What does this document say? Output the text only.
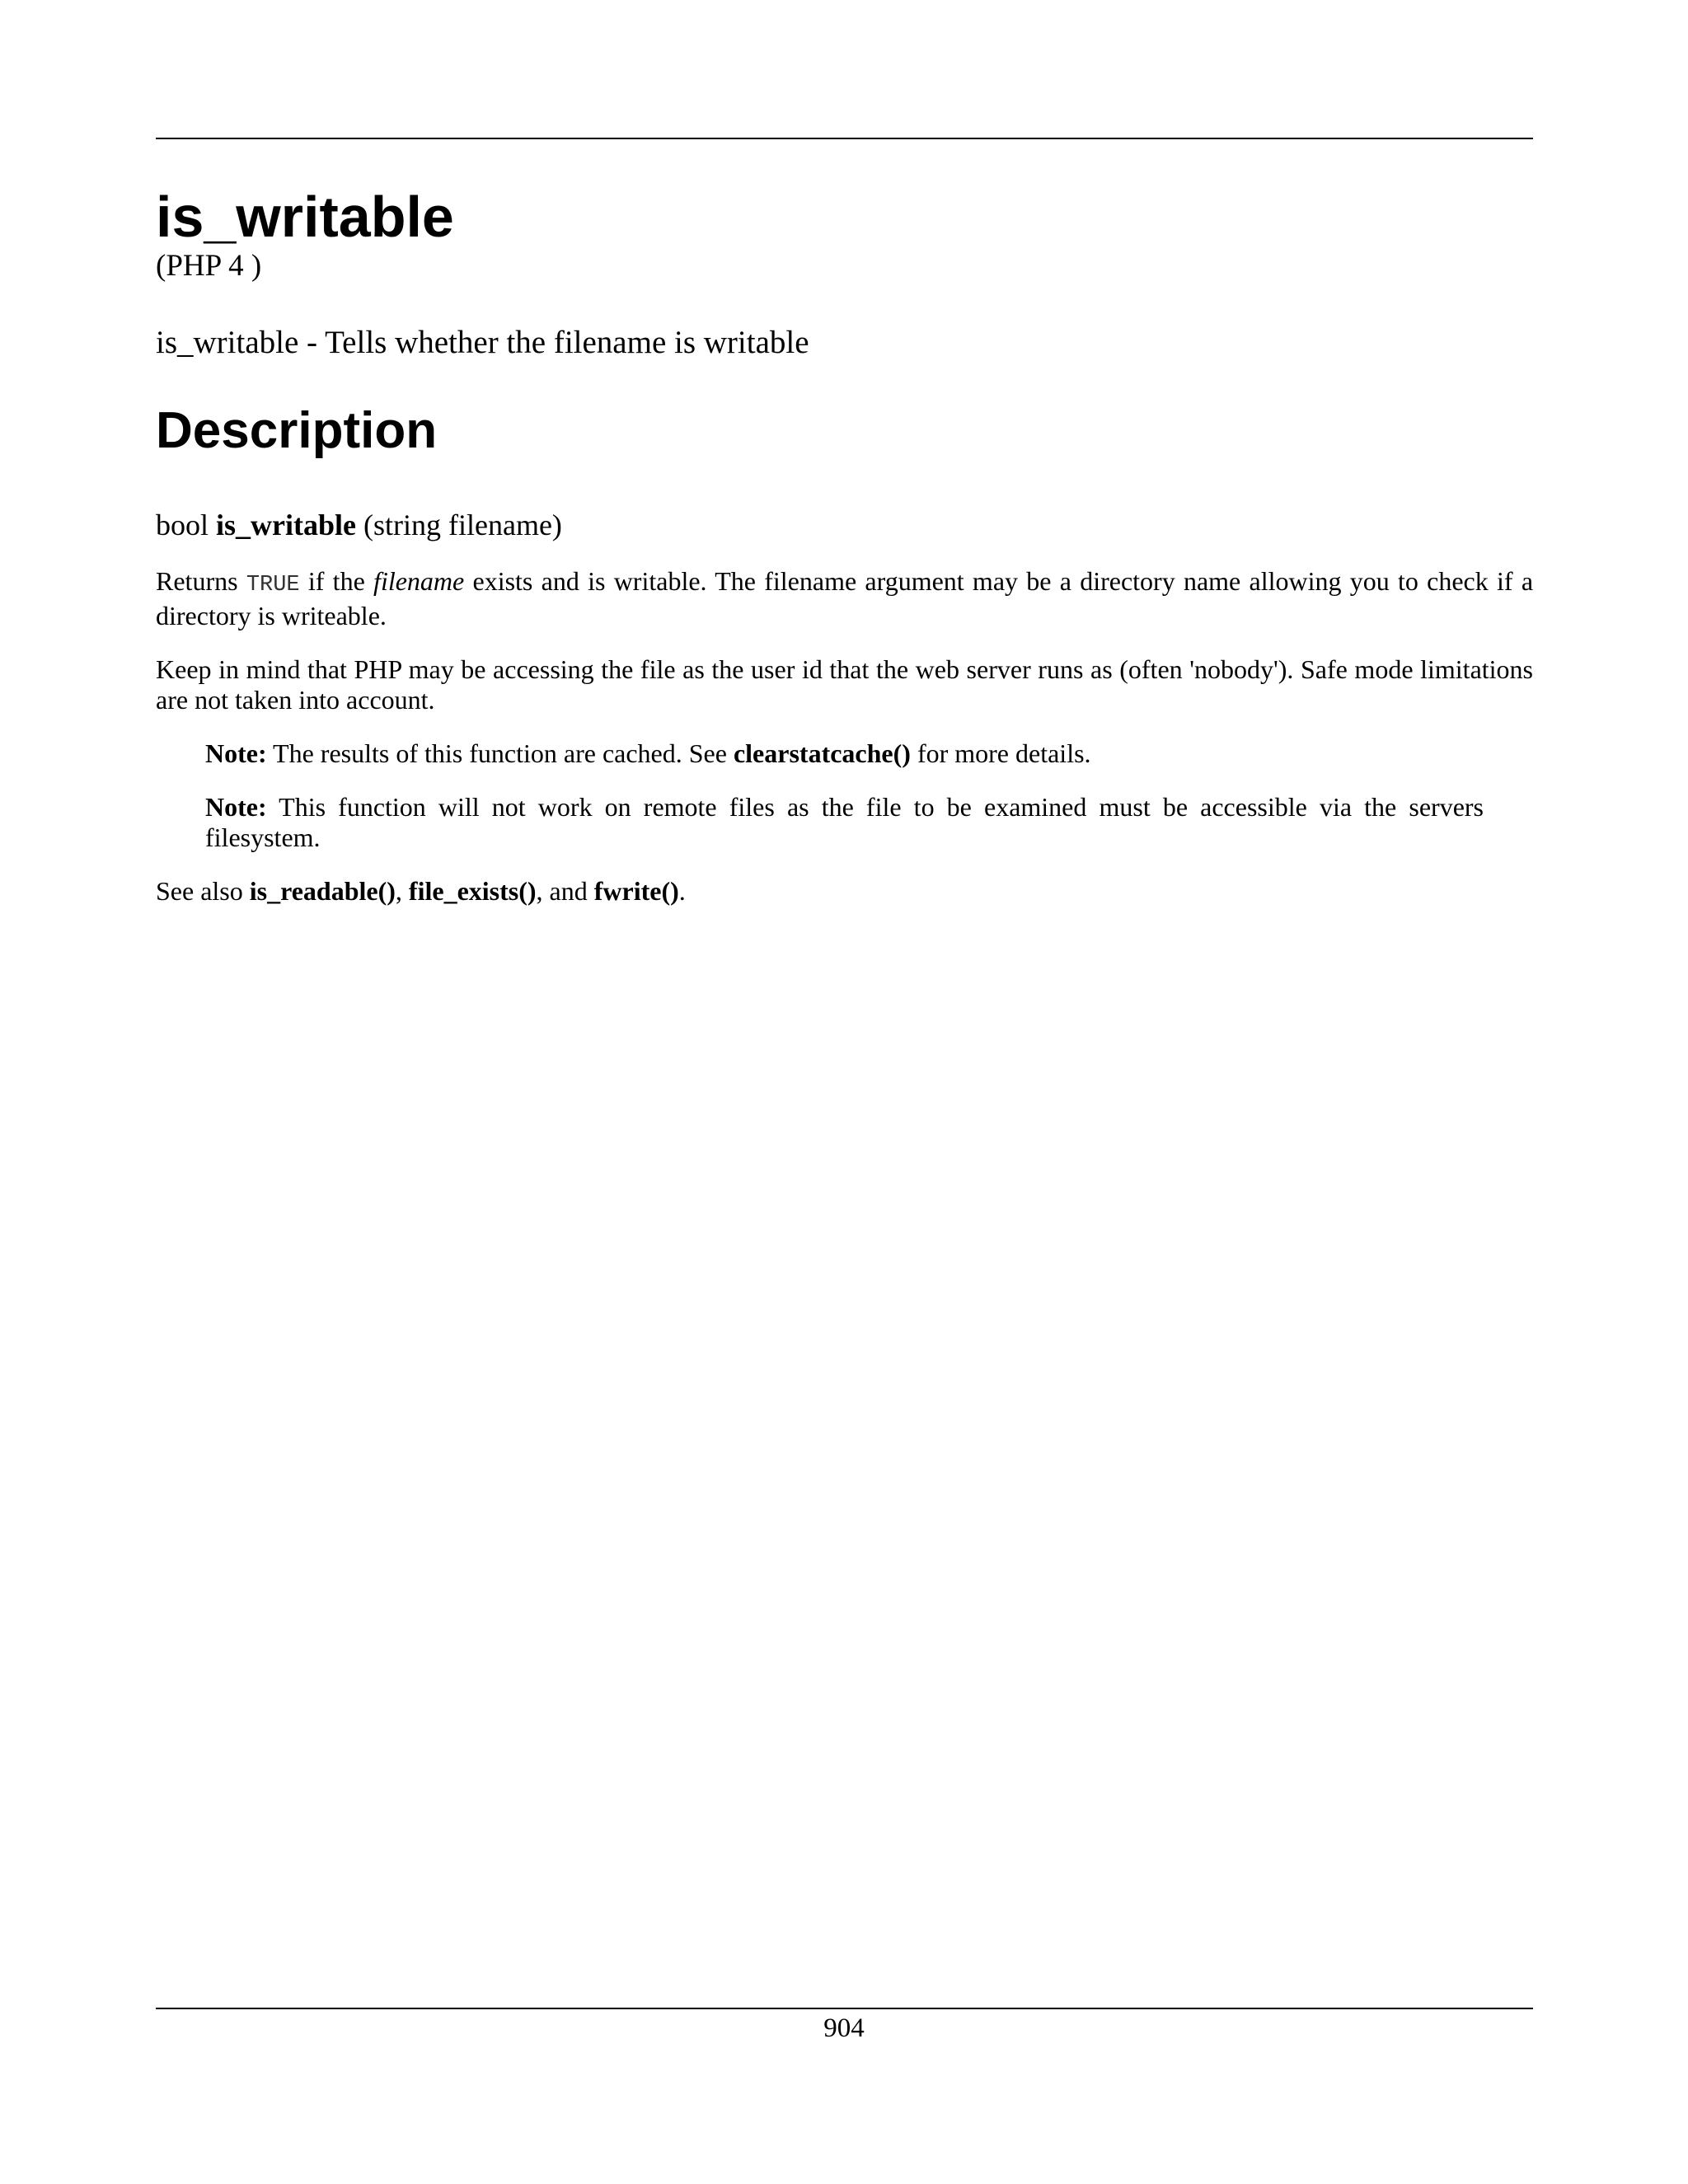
is_writable

(PHP 4 )

is_writable - Tells whether the filename is writable

Description

bool is_writable (string filename)

Returns TRUE if the filename exists and is writable. The filename argument may be a directory name allowing you to check if a directory is writeable.

Keep in mind that PHP may be accessing the file as the user id that the web server runs as (often 'nobody'). Safe mode limitations are not taken into account.

Note: The results of this function are cached. See clearstatcache() for more details.

Note: This function will not work on remote files as the file to be examined must be accessible via the servers filesystem.

See also is_readable(), file_exists(), and fwrite().

904
